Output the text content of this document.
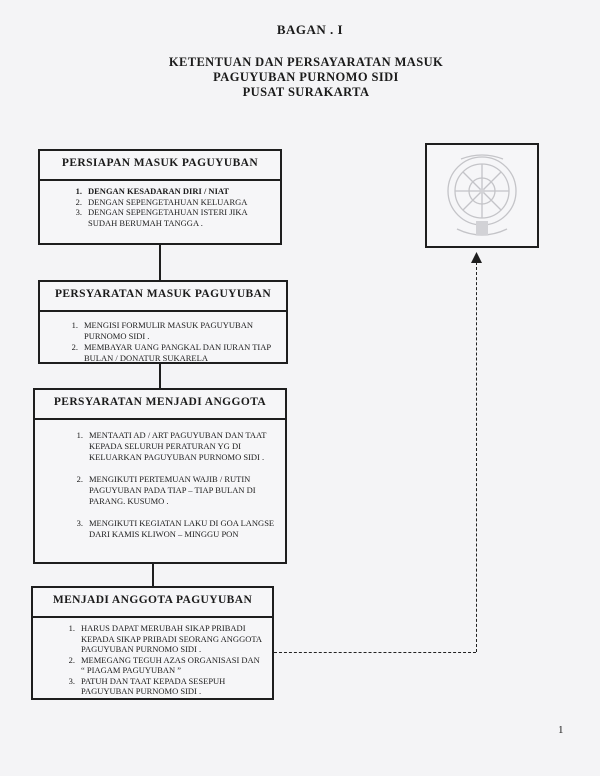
BAGAN . I
KETENTUAN DAN PERSAYARATAN MASUK
PAGUYUBAN PURNOMO SIDI
PUSAT SURAKARTA
PERSIAPAN MASUK PAGUYUBAN
1. DENGAN KESADARAN DIRI / NIAT
2. DENGAN SEPENGETAHUAN KELUARGA
3. DENGAN SEPENGETAHUAN ISTERI JIKA SUDAH BERUMAH TANGGA .
PERSYARATAN MASUK PAGUYUBAN
1. MENGISI FORMULIR MASUK PAGUYUBAN PURNOMO SIDI .
2. MEMBAYAR UANG PANGKAL DAN IURAN TIAP BULAN / DONATUR SUKARELA
PERSYARATAN MENJADI ANGGOTA
1. MENTAATI AD / ART PAGUYUBAN DAN TAAT KEPADA SELURUH PERATURAN YG DI KELUARKAN PAGUYUBAN PURNOMO SIDI .
2. MENGIKUTI PERTEMUAN WAJIB / RUTIN PAGUYUBAN PADA TIAP – TIAP BULAN DI PARANG. KUSUMO .
3. MENGIKUTI KEGIATAN LAKU DI GOA LANGSE DARI KAMIS KLIWON – MINGGU PON
MENJADI ANGGOTA PAGUYUBAN
1. HARUS DAPAT MERUBAH SIKAP PRIBADI KEPADA SIKAP PRIBADI SEORANG ANGGOTA PAGUYUBAN PURNOMO SIDI .
2. MEMEGANG TEGUH AZAS ORGANISASI DAN “ PIAGAM PAGUYUBAN ”
3. PATUH DAN TAAT KEPADA SESEPUH PAGUYUBAN PURNOMO SIDI .
1
